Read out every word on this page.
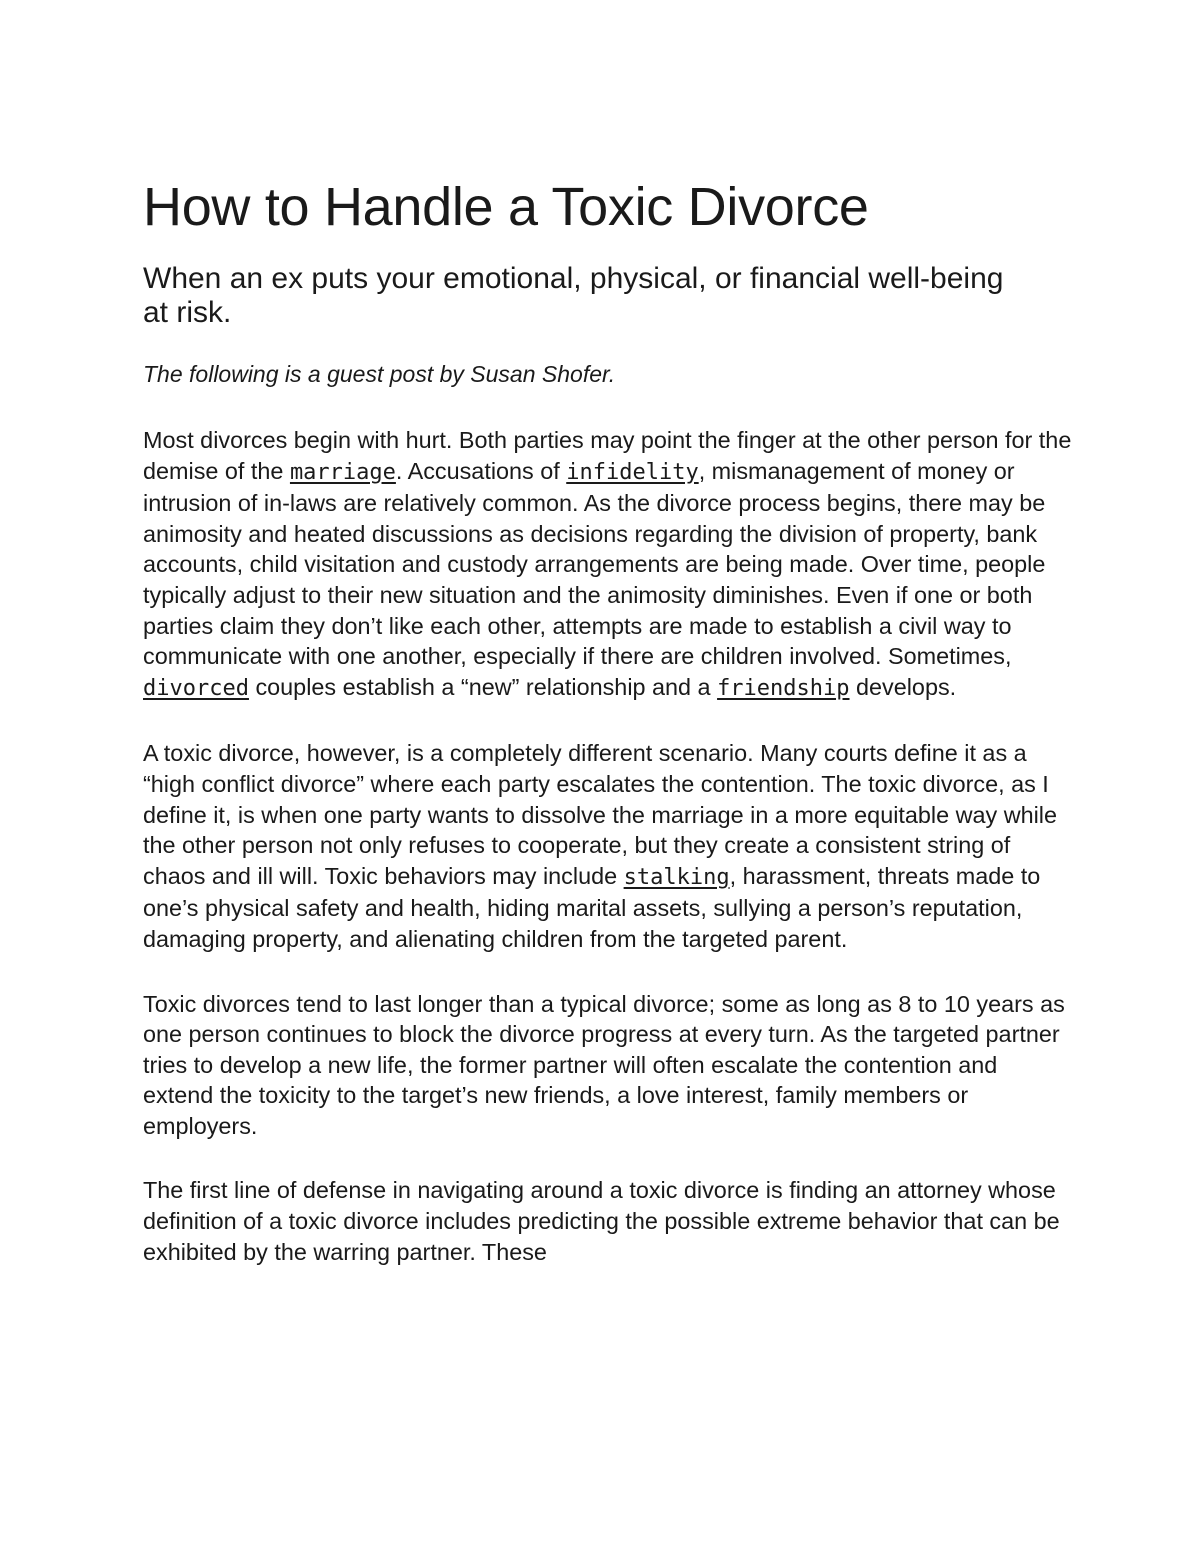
How to Handle a Toxic Divorce
When an ex puts your emotional, physical, or financial well-being at risk.
The following is a guest post by Susan Shofer.

Most divorces begin with hurt. Both parties may point the finger at the other person for the demise of the marriage. Accusations of infidelity, mismanagement of money or intrusion of in-laws are relatively common. As the divorce process begins, there may be animosity and heated discussions as decisions regarding the division of property, bank accounts, child visitation and custody arrangements are being made. Over time, people typically adjust to their new situation and the animosity diminishes. Even if one or both parties claim they don’t like each other, attempts are made to establish a civil way to communicate with one another, especially if there are children involved. Sometimes, divorced couples establish a “new” relationship and a friendship develops.

A toxic divorce, however, is a completely different scenario. Many courts define it as a “high conflict divorce” where each party escalates the contention. The toxic divorce, as I define it, is when one party wants to dissolve the marriage in a more equitable way while the other person not only refuses to cooperate, but they create a consistent string of chaos and ill will. Toxic behaviors may include stalking, harassment, threats made to one’s physical safety and health, hiding marital assets, sullying a person’s reputation, damaging property, and alienating children from the targeted parent.

Toxic divorces tend to last longer than a typical divorce; some as long as 8 to 10 years as one person continues to block the divorce progress at every turn. As the targeted partner tries to develop a new life, the former partner will often escalate the contention and extend the toxicity to the target’s new friends, a love interest, family members or employers.

The first line of defense in navigating around a toxic divorce is finding an attorney whose definition of a toxic divorce includes predicting the possible extreme behavior that can be exhibited by the warring partner. These
